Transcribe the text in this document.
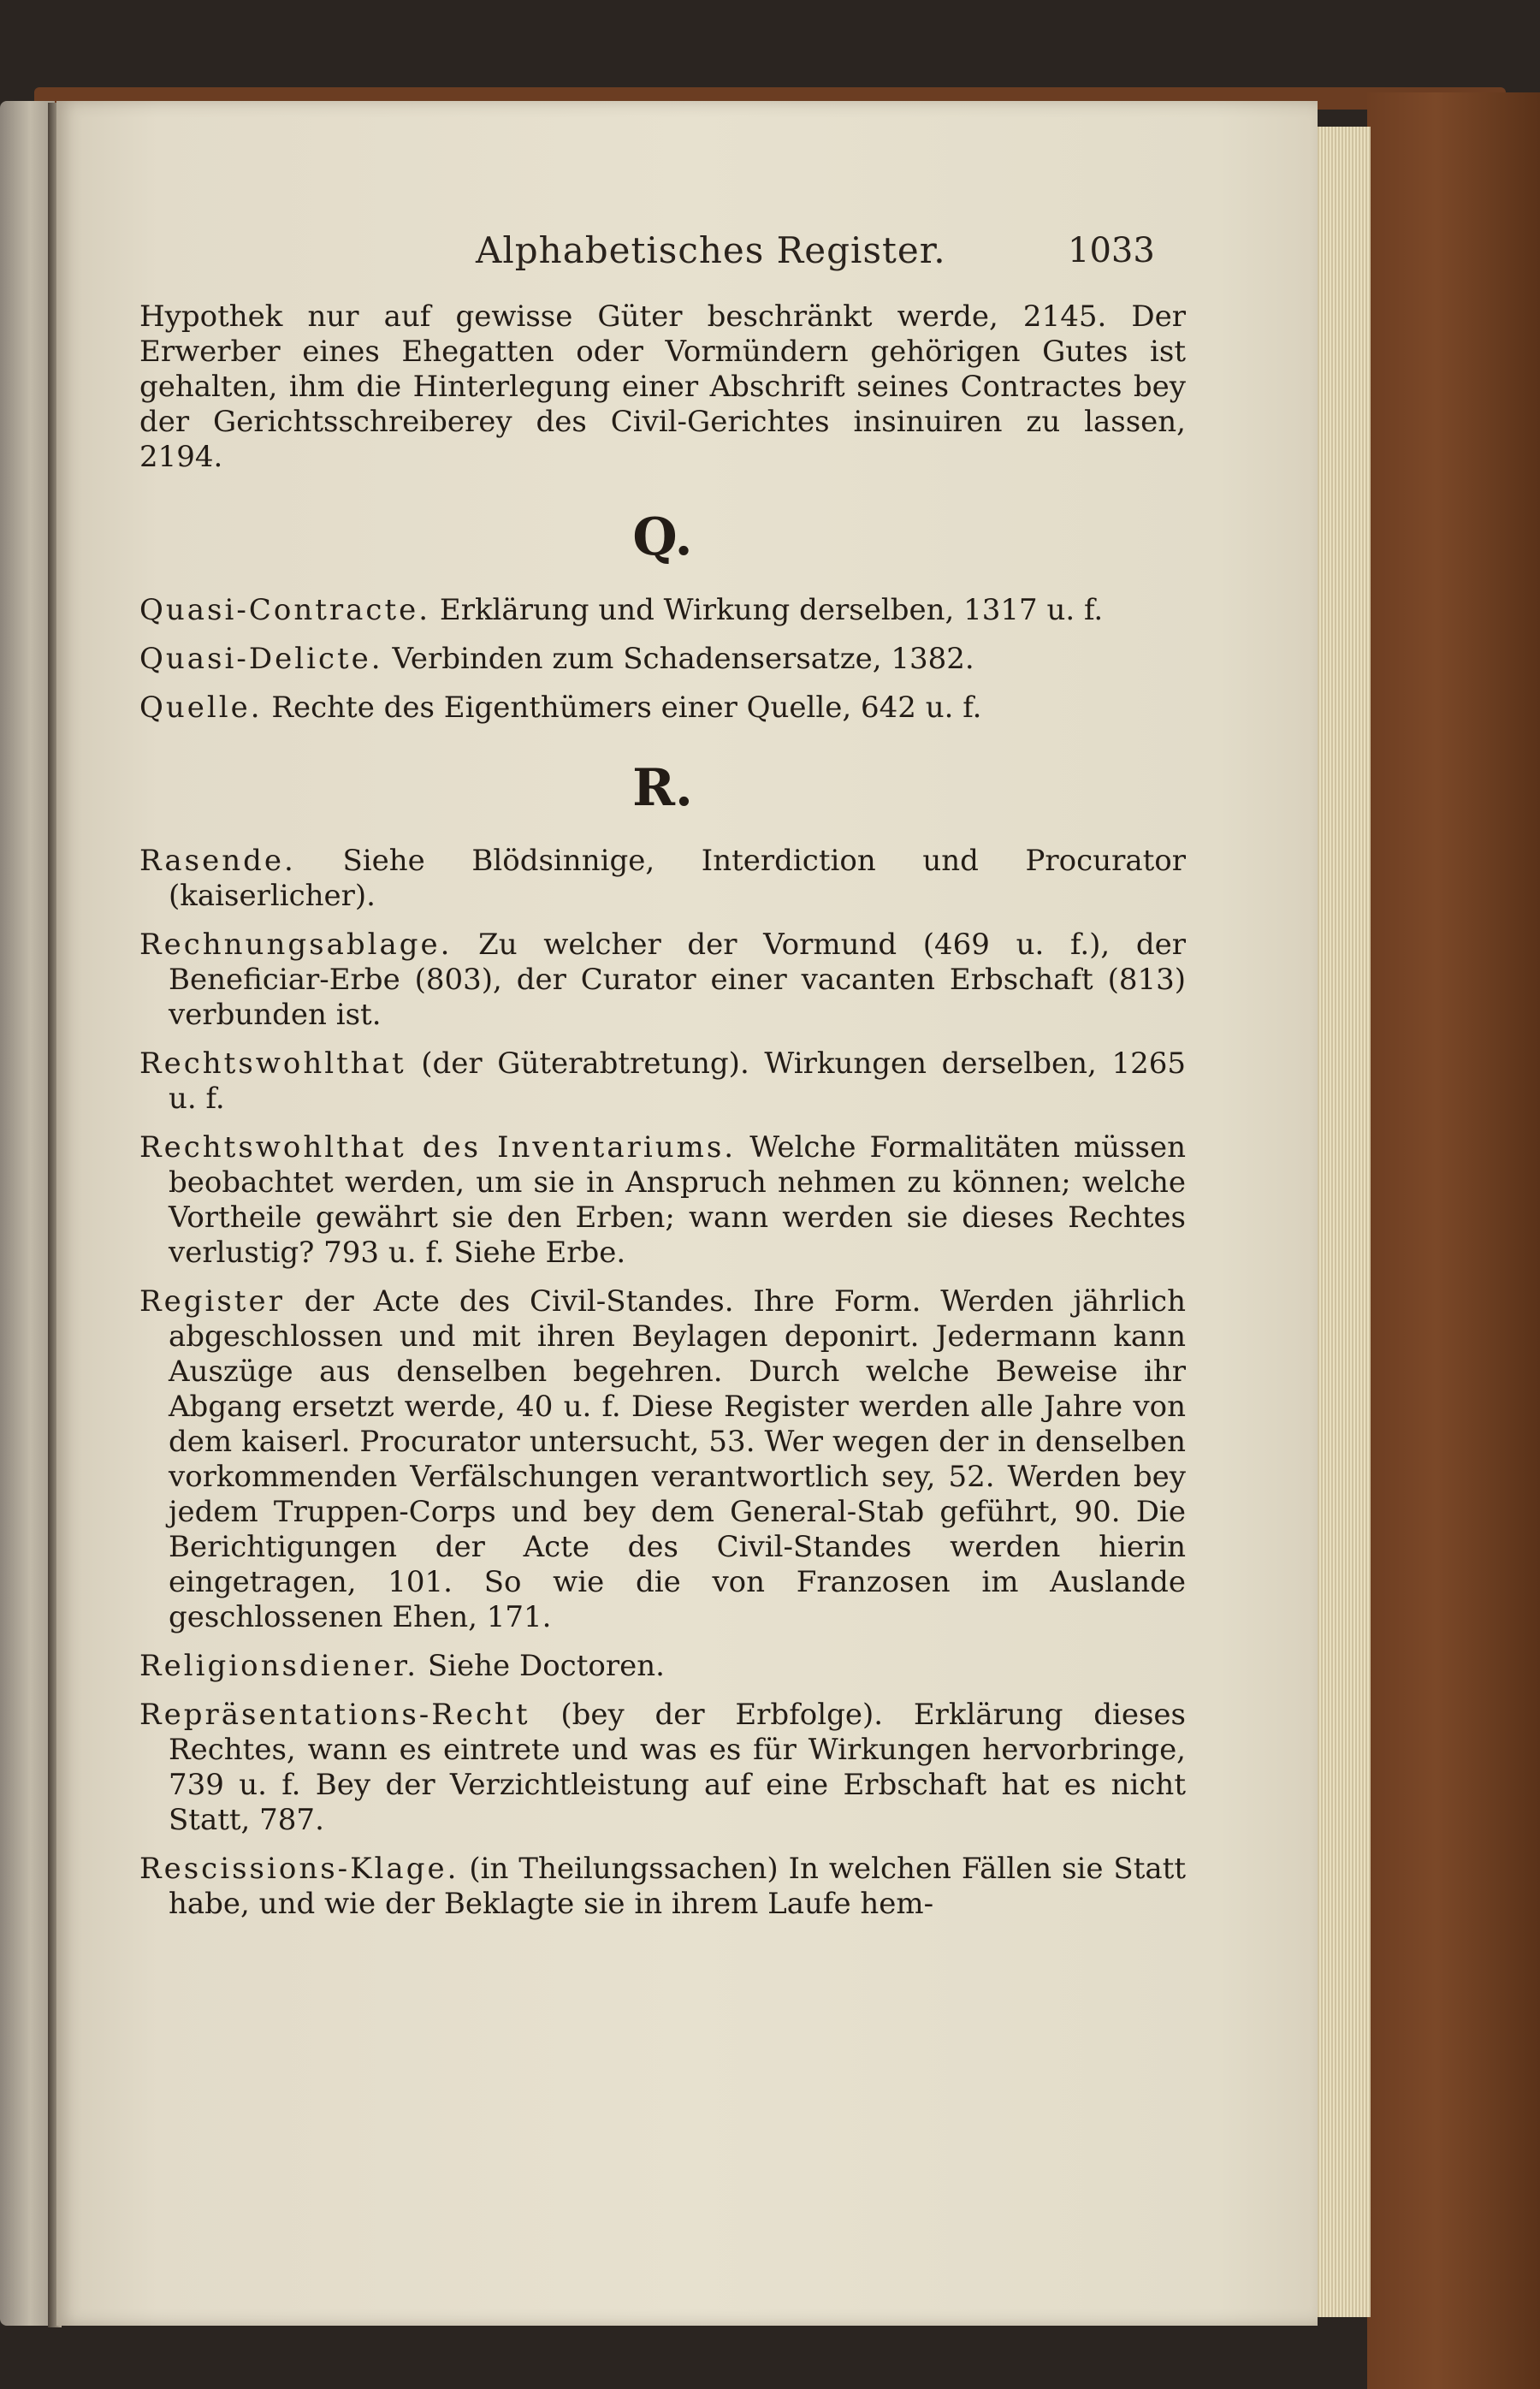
Alphabetisches Register.	1033

Hypothek nur auf gewisse Güter beschränkt werde, 2145. Der Erwerber eines Ehegatten oder Vormündern gehörigen Gutes ist gehalten, ihm die Hinterlegung einer Abschrift seines Contractes bey der Gerichtsschreiberey des Civil-Gerichtes insinuiren zu lassen, 2194.

Q.

Quasi-Contracte. Erklärung und Wirkung derselben, 1317 u. f.

Quasi-Delicte. Verbinden zum Schadensersatze, 1382.

Quelle. Rechte des Eigenthümers einer Quelle, 642 u. f.

R.

Rasende. Siehe Blödsinnige, Interdiction und Procurator (kaiserlicher).

Rechnungsablage. Zu welcher der Vormund (469 u. f.), der Beneficiar-Erbe (803), der Curator einer vacanten Erbschaft (813) verbunden ist.

Rechtswohlthat (der Güterabtretung). Wirkungen derselben, 1265 u. f.

Rechtswohlthat des Inventariums. Welche Formalitäten müssen beobachtet werden, um sie in Anspruch nehmen zu können; welche Vortheile gewährt sie den Erben; wann werden sie dieses Rechtes verlustig? 793 u. f. Siehe Erbe.

Register der Acte des Civil-Standes. Ihre Form. Werden jährlich abgeschlossen und mit ihren Beylagen deponirt. Jedermann kann Auszüge aus denselben begehren. Durch welche Beweise ihr Abgang ersetzt werde, 40 u. f. Diese Register werden alle Jahre von dem kaiserl. Procurator untersucht, 53. Wer wegen der in denselben vorkommenden Verfälschungen verantwortlich sey, 52. Werden bey jedem Truppen-Corps und bey dem General-Stab geführt, 90. Die Berichtigungen der Acte des Civil-Standes werden hierin eingetragen, 101. So wie die von Franzosen im Auslande geschlossenen Ehen, 171.

Religionsdiener. Siehe Doctoren.

Repräsentations-Recht (bey der Erbfolge). Erklärung dieses Rechtes, wann es eintrete und was es für Wirkungen hervorbringe, 739 u. f. Bey der Verzichtleistung auf eine Erbschaft hat es nicht Statt, 787.

Rescissions-Klage. (in Theilungssachen) In welchen Fällen sie Statt habe, und wie der Beklagte sie in ihrem Laufe hem-
